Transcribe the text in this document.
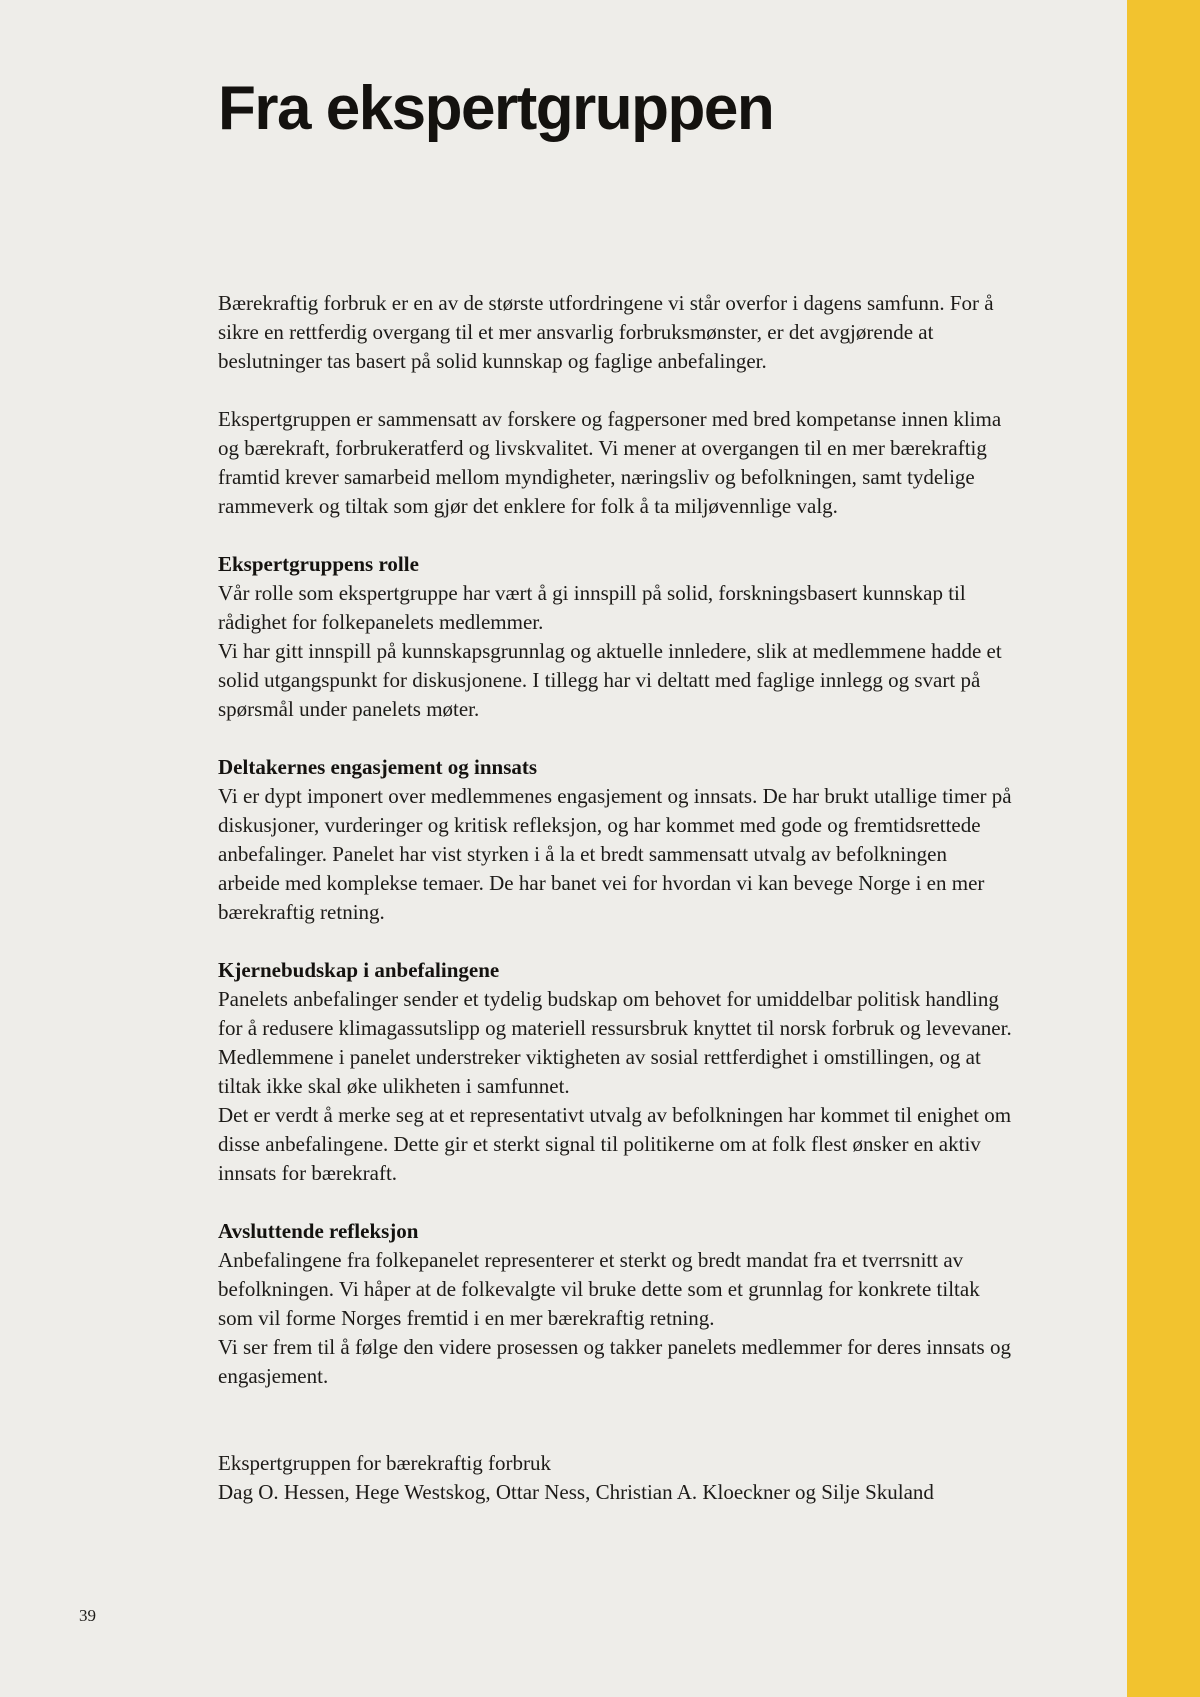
Fra ekspertgruppen

Bærekraftig forbruk er en av de største utfordringene vi står overfor i dagens samfunn. For å sikre en rettferdig overgang til et mer ansvarlig forbruksmønster, er det avgjørende at beslutninger tas basert på solid kunnskap og faglige anbefalinger.

Ekspertgruppen er sammensatt av forskere og fagpersoner med bred kompetanse innen klima og bærekraft, forbrukeratferd og livskvalitet. Vi mener at overgangen til en mer bærekraftig framtid krever samarbeid mellom myndigheter, næringsliv og befolkningen, samt tydelige rammeverk og tiltak som gjør det enklere for folk å ta miljøvennlige valg.

Ekspertgruppens rolle

Vår rolle som ekspertgruppe har vært å gi innspill på solid, forskningsbasert kunnskap til rådighet for folkepanelets medlemmer.

Vi har gitt innspill på kunnskapsgrunnlag og aktuelle innledere, slik at medlemmene hadde et solid utgangspunkt for diskusjonene. I tillegg har vi deltatt med faglige innlegg og svart på spørsmål under panelets møter.

Deltakernes engasjement og innsats

Vi er dypt imponert over medlemmenes engasjement og innsats. De har brukt utallige timer på diskusjoner, vurderinger og kritisk refleksjon, og har kommet med gode og fremtidsrettede anbefalinger. Panelet har vist styrken i å la et bredt sammensatt utvalg av befolkningen arbeide med komplekse temaer. De har banet vei for hvordan vi kan bevege Norge i en mer bærekraftig retning.

Kjernebudskap i anbefalingene

Panelets anbefalinger sender et tydelig budskap om behovet for umiddelbar politisk handling for å redusere klimagassutslipp og materiell ressursbruk knyttet til norsk forbruk og levevaner. Medlemmene i panelet understreker viktigheten av sosial rettferdighet i omstillingen, og at tiltak ikke skal øke ulikheten i samfunnet.

Det er verdt å merke seg at et representativt utvalg av befolkningen har kommet til enighet om disse anbefalingene. Dette gir et sterkt signal til politikerne om at folk flest ønsker en aktiv innsats for bærekraft.

Avsluttende refleksjon

Anbefalingene fra folkepanelet representerer et sterkt og bredt mandat fra et tverrsnitt av befolkningen. Vi håper at de folkevalgte vil bruke dette som et grunnlag for konkrete tiltak som vil forme Norges fremtid i en mer bærekraftig retning.

Vi ser frem til å følge den videre prosessen og takker panelets medlemmer for deres innsats og engasjement.

Ekspertgruppen for bærekraftig forbruk

Dag O. Hessen, Hege Westskog, Ottar Ness, Christian A. Kloeckner og Silje Skuland

39
